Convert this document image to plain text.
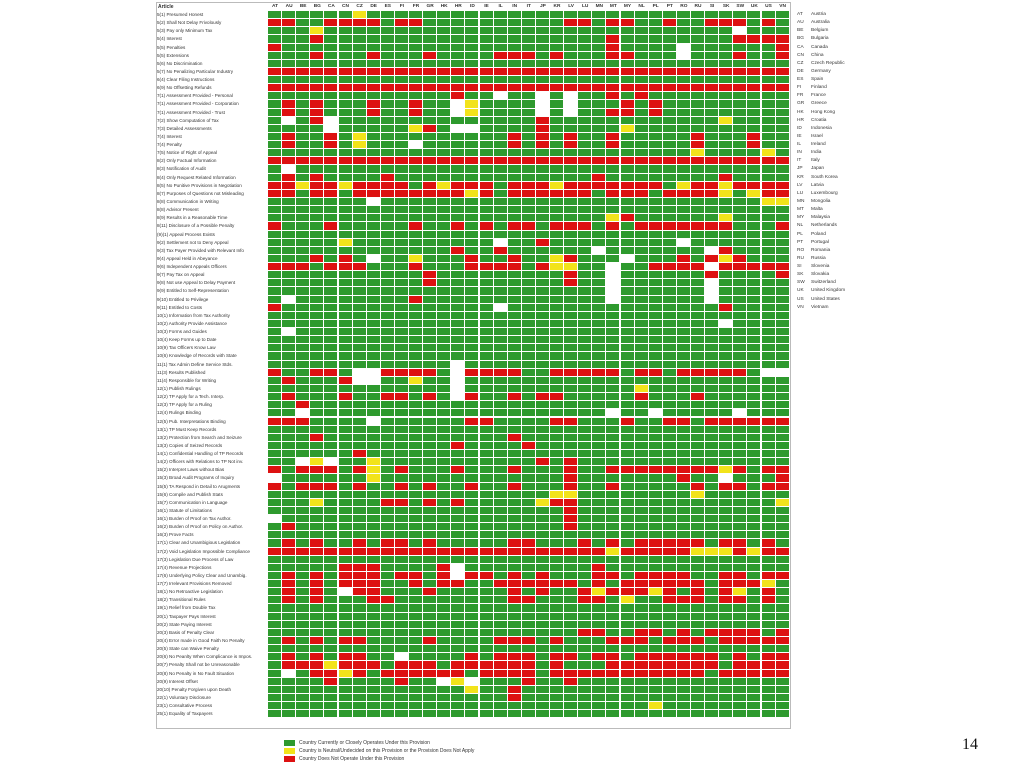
Article	AT	AU	BE	BG	CA	CN	CZ	DE	ES	FI	FR	GR	HK	HR	ID	IE	IL	IN	IT	JP	KR	LV	LU	MN	MT	MY	NL	PL	PT	RO	RU	SI	SK	SW	UK	US	VN
5(1) Presumed Honest
5(2) Shall Not Delay Frivolously
5(3) Pay only Minimum Tax
5(4) Interest
5(5) Penalties
5(5) Extensions
5(6) No Discrimination
5(7) No Penalizing Particular Industry
6(4) Clear Filing Instructions
6(9) No Offsetting Refunds
7(1) Assessment Provided - Personal
7(1) Assessment Provided - Corporation
7(1) Assessment Provided - Trust
7(2) Show Computation of Tax
7(3) Detailed Assessments
7(4) Interest
7(4) Penalty
7(5) Notice of Right of Appeal
8(2) Only Factual Information
8(3) Notification of Audit
8(4) Only Request Related Information
8(5) No Punitive Provisions in Negotiation
8(7) Purposes of Questions not Misleading
8(8) Communication in Writing
8(8) Advisor Present
8(9) Results in a Reasonable Time
8(11) Disclosure of a Possible Penalty
(9)(1) Appeal Process Exists
9(2) Settlement not to Deny Appeal
9(3) Tax Payer Provided with Relevant Info
9(4) Appeal Held in Abeyance
9(6) Independent Appeals Officers
9(7) Pay Tax on Appeal
9(8) Not use Appeal to Delay Payment
9(9) Entitled to Self-Representation
9(10) Entitled to Privilege
9(11) Entitled to Costs
10(1) Information from Tax Authority
10(2) Authority Provide Assistance
10(3) Forms and Guides
10(4) Keep Forms up to Date
10(9) Tax Officers Know Law
10(6) Knowledge of Records with State
11(1) Tax Admin Define Service Stds.
11(3) Results Published
11(4) Responsible for Writing
12(1) Publish Rulings
12(2) TP Apply for a Tech. Interp.
12(3) TP Apply for a Ruling
12(4) Rulings Binding
12(5) Pub. Interpretations Binding
13(1) TP Must Keep Records
13(2) Protection from Search and Seizure
13(3) Copies of Seized Records
14(1) Confidential Handling of TP Records
14(2) Officers with Relations to TP Not inv.
15(2) Interpret Laws without Bias
15(3) Broad Audit Programs of Inquiry
15(5) TA Respond in Detail to Arugments
15(6) Compile and Publish Stats
15(7) Communication in Language
16(1) Statute of Limitations
16(1) Burden of Proof on Tax Author.
16(2) Burden of Proof on Policy on Author.
16(3) Prove Facts
17(1) Clear and Unambigious Legislation
17(2) Void Legislation Impossible Compliance
17(3) Legislation Due Process of Law
17(4) Revenue Projections
17(6) Underlying Policy Clear and Unambig.
17(7) Irrelevant Provisions Removed
18(1) No Retroactive Legislation
18(2) Transitional Rules
19(1) Relief from Double Tax
20(1) Taxpayer Pays Interest
20(2) State Paying Interest
20(3) Basis of Penalty Clear
20(4) Error made in Good Faith No Penalty
20(5) State can Waive Penalty
20(6) No Peanlty When Complicance is Impos.
20(7) Penalty Shall not be Unreasonable
20(8) No Penalty in No Fault Situation
20(9) Interest Offset
20(10) Penalty Forgiven upon Death
22(1) Voluntary Disclosure
23(1) Consultative Process
25(1) Equality of Taxpayers
AT Austria
AU Australia
BE Belgium
BG Bulgaria
CA Canada
CN China
CZ Czech Republic
DE Germany
ES Spain
FI Finland
FR France
GR Greece
HK Hong Kong
HR Croatia
ID Indonesia
IE Israel
IL Ireland
IN India
IT Italy
JP Japan
KR South Korea
LV Latvia
LU Luxembourg
MN Mongolia
MT Malta
MY Malaysia
NL Netherlands
PL Poland
PT Portugal
RO Romania
RU Russia
SI Slovenia
SK Slovakia
SW Switzerland
UK United Kingdom
US United States
VN Vietnam
Country Currently or Closely Operates Under this Provision
Country is Neutral/Undecided on this Provision or the Provision Does Not Apply
Country Does Not Operate Under this Provision
14
